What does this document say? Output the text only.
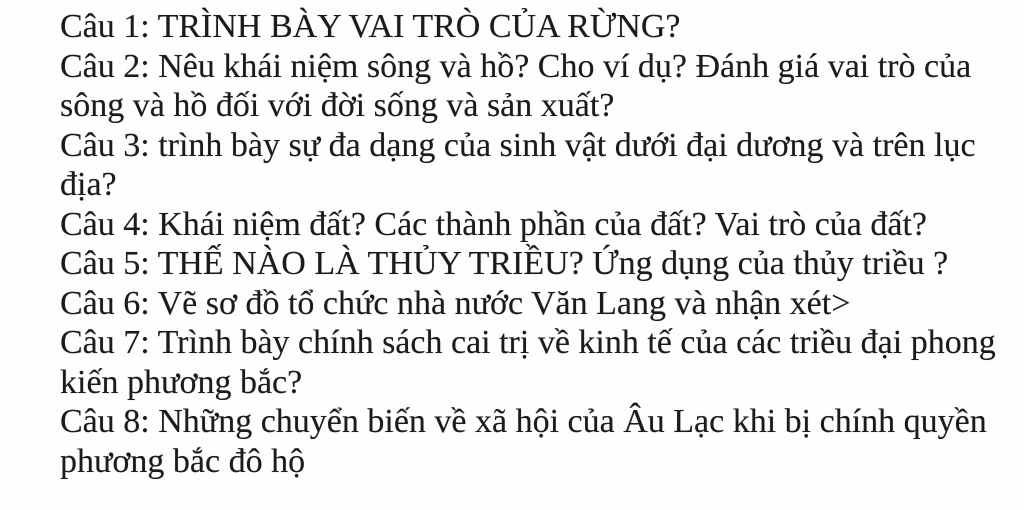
Câu 1: TRÌNH BÀY VAI TRÒ CỦA RỪNG?
Câu 2: Nêu khái niệm sông và hồ? Cho ví dụ? Đánh giá vai trò của
sông và hồ đối với đời sống và sản xuất?
Câu 3: trình bày sự đa dạng của sinh vật dưới đại dương và trên lục
địa?
Câu 4: Khái niệm đất? Các thành phần của đất? Vai trò của đất?
Câu 5: THẾ NÀO LÀ THỦY TRIỀU? Ứng dụng của thủy triều ?
Câu 6: Vẽ sơ đồ tổ chức nhà nước Văn Lang và nhận xét>
Câu 7: Trình bày chính sách cai trị về kinh tế của các triều đại phong
kiến phương bắc?
Câu 8: Những chuyển biến về xã hội của Âu Lạc khi bị chính quyền
phương bắc đô hộ
